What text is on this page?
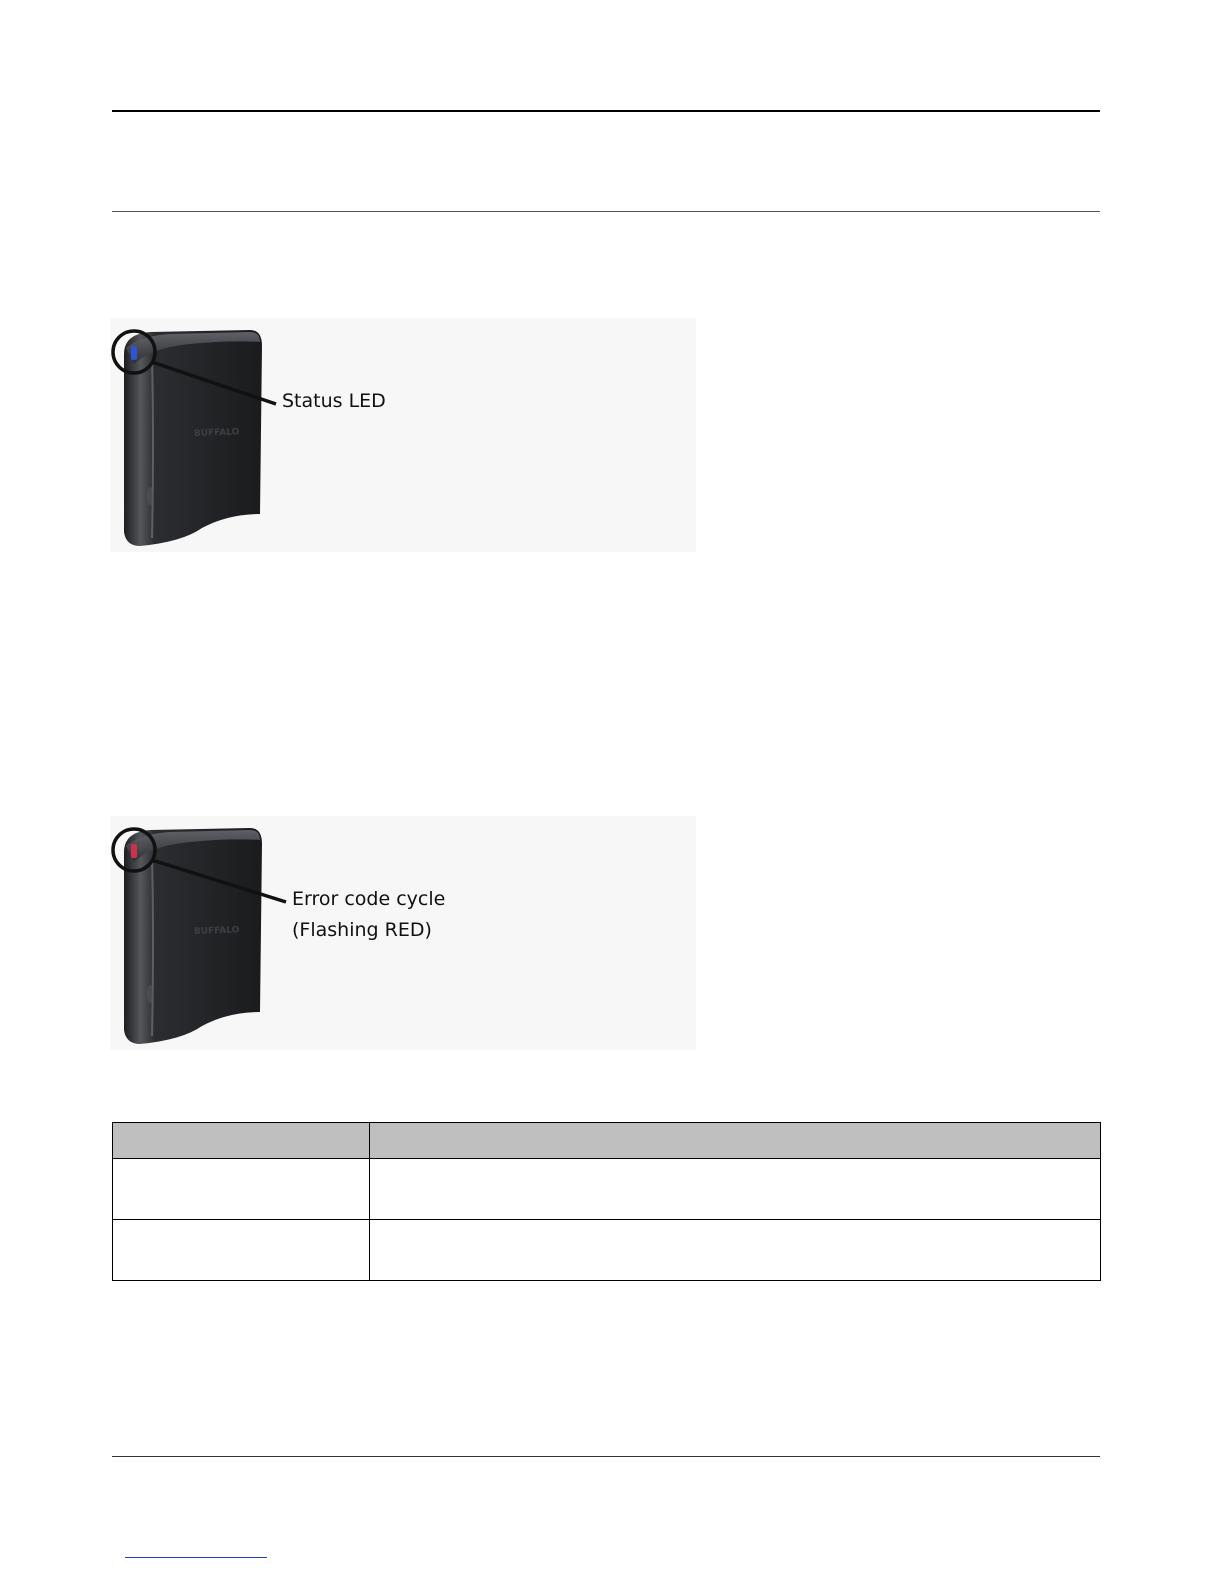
BUFFALO
Status LED
BUFFALO
Error code cycle
(Flashing RED)
